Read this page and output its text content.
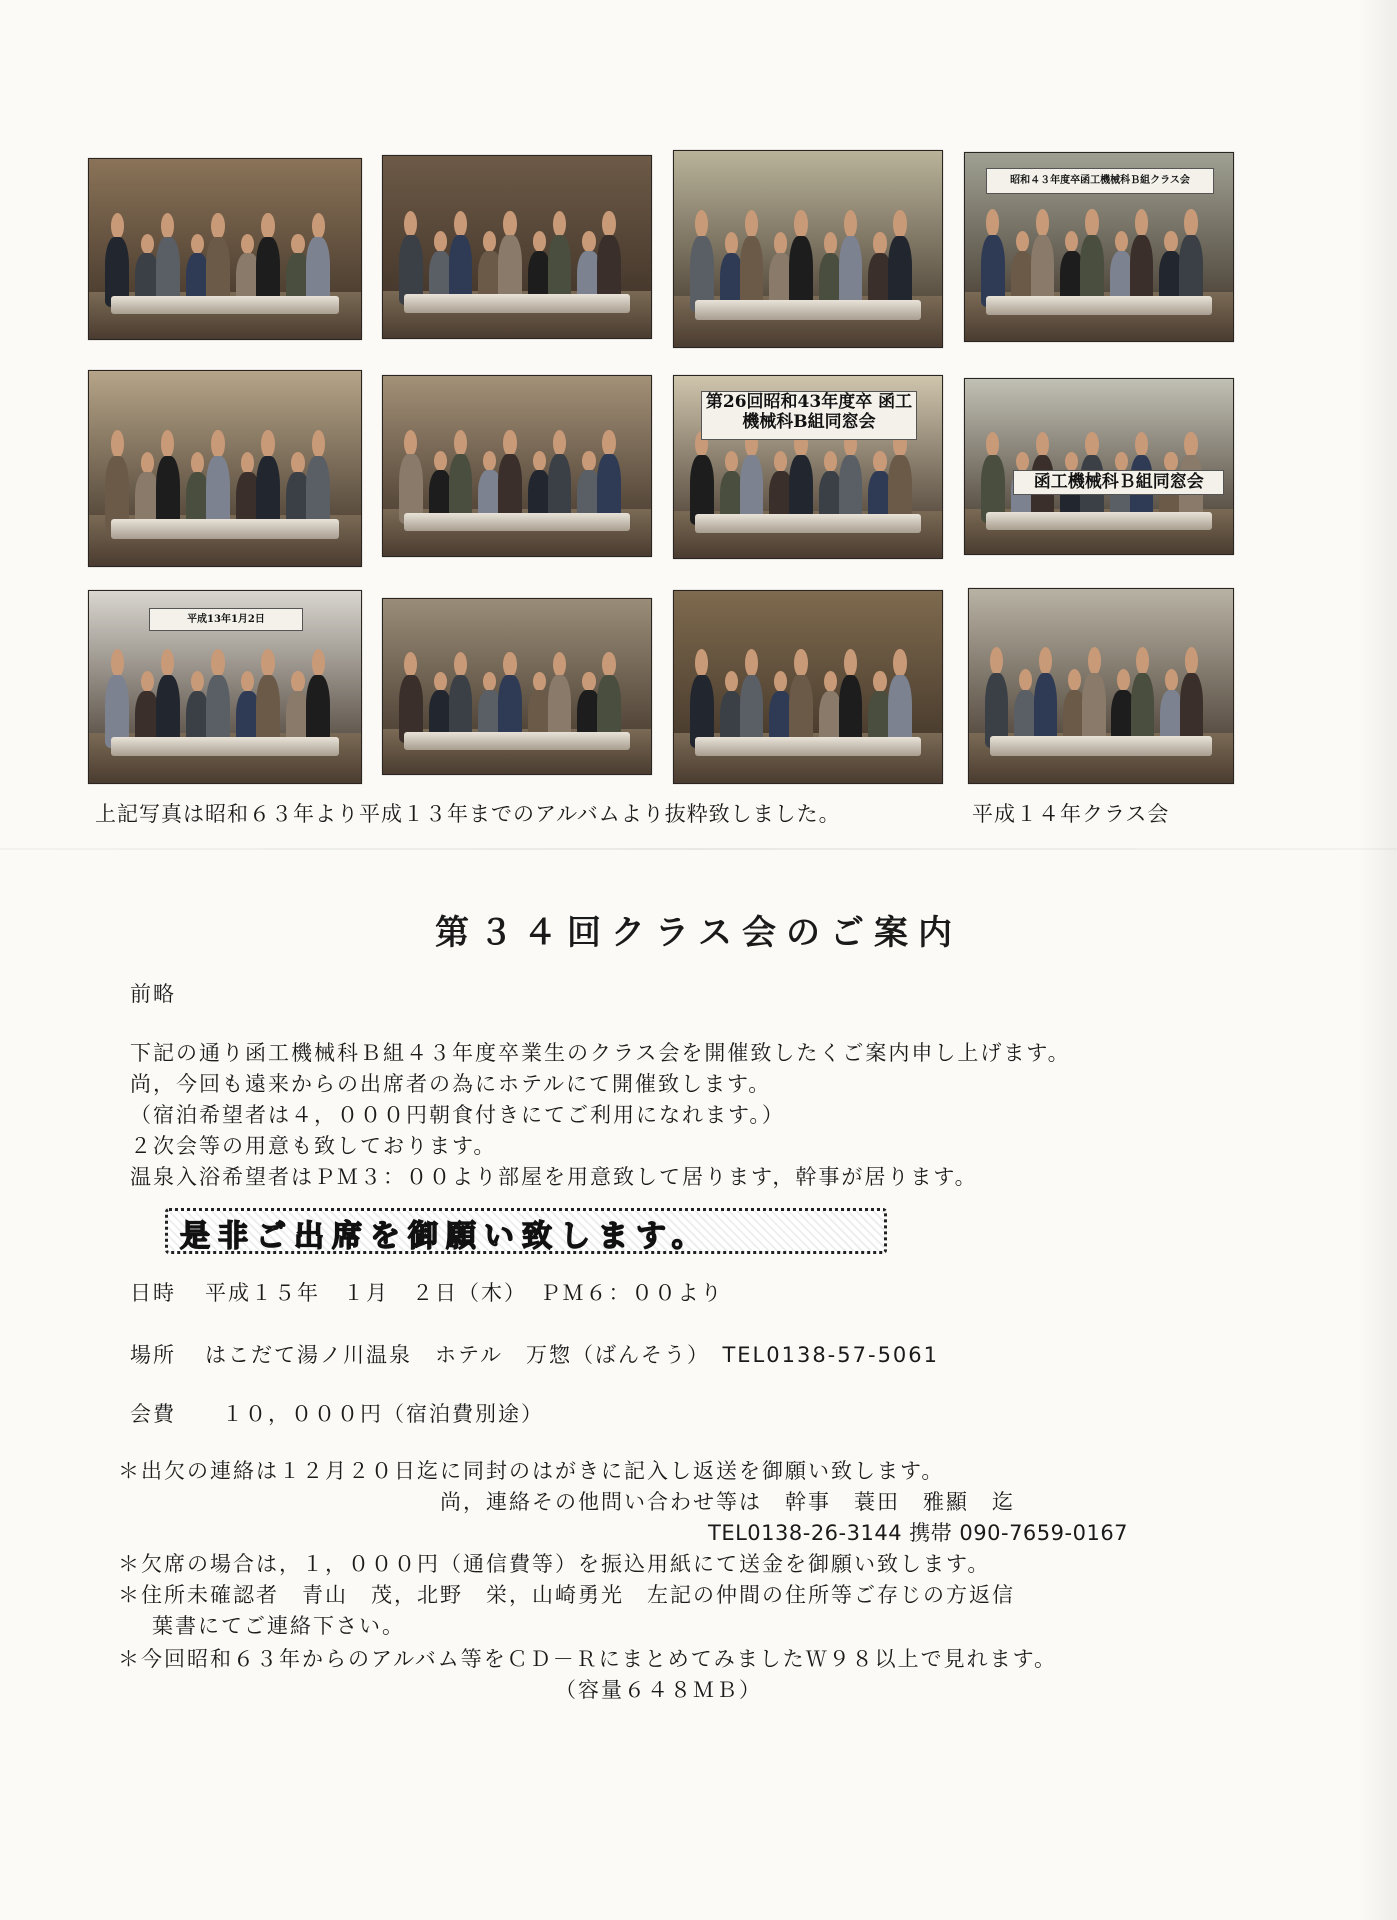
昭和４３年度卒函工機械科Ｂ組クラス会
第26回昭和43年度卒 函工機械科B組同窓会
函工機械科Ｂ組同窓会
平成13年1月2日
上記写真は昭和６３年より平成１３年までのアルバムより抜粋致しました。	平成１４年クラス会
第３４回クラス会のご案内
前略
下記の通り函工機械科Ｂ組４３年度卒業生のクラス会を開催致したくご案内申し上げます。
尚，今回も遠来からの出席者の為にホテルにて開催致します。
（宿泊希望者は４，０００円朝食付きにてご利用になれます。）
２次会等の用意も致しております。
温泉入浴希望者はＰＭ３：００より部屋を用意致して居ります，幹事が居ります。
是非ご出席を御願い致します。
日時 平成１５年　１月　２日（木）　ＰＭ６：００より
場所 はこだて湯ノ川温泉　ホテル　万惣（ばんそう）　TEL0138-57-5061
会費 １０，０００円（宿泊費別途）
＊出欠の連絡は１２月２０日迄に同封のはがきに記入し返送を御願い致します。
尚，連絡その他問い合わせ等は　幹事　蓑田　雅顯　迄
TEL0138-26-3144 携帯 090-7659-0167
＊欠席の場合は，１，０００円（通信費等）を振込用紙にて送金を御願い致します。
＊住所未確認者　青山　茂，北野　栄，山崎勇光　左記の仲間の住所等ご存じの方返信
葉書にてご連絡下さい。
＊今回昭和６３年からのアルバム等をＣＤ－ＲにまとめてみましたＷ９８以上で見れます。
（容量６４８ＭＢ）
